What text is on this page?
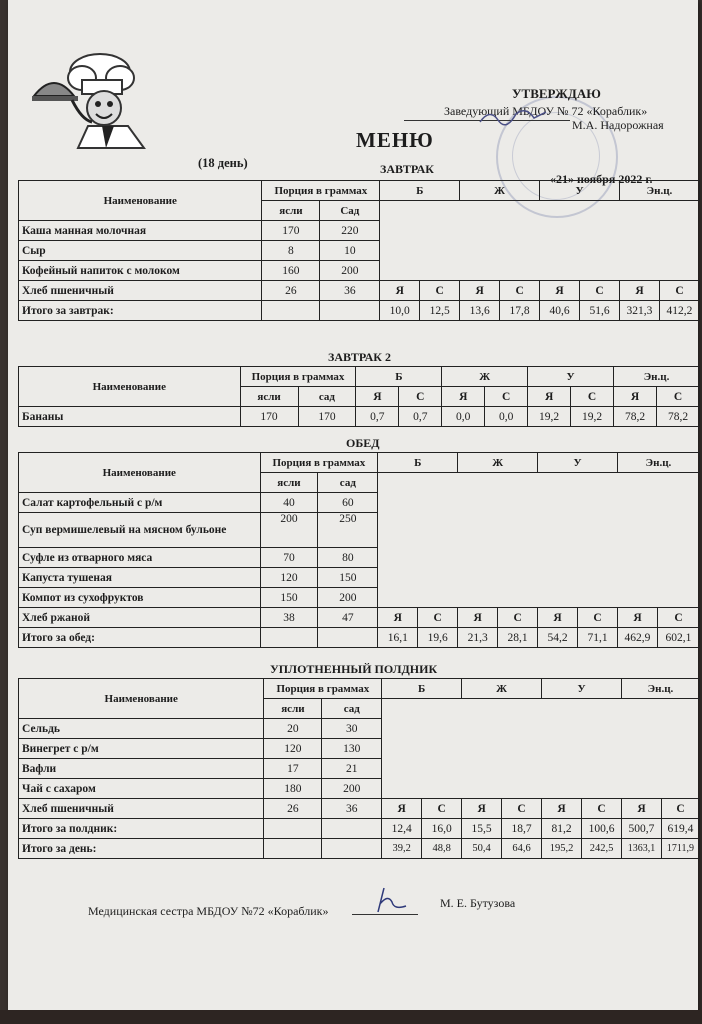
УТВЕРЖДАЮ
Заведующий МБДОУ № 72 «Кораблик»
М.А. Надорожная
МЕНЮ
(18 день)	ЗАВТРАК
«21» ноября 2022 г.
Наименование	Порция в граммах		Б		Ж		У		Эн.ц.	
	ясли	Сад								
Каша манная молочная	170	220								
Сыр	8	10								
Кофейный напиток с молоком	160	200								
Хлеб пшеничный	26	36	Я	С	Я	С	Я	С	Я	С
Итого за завтрак:			10,0	12,5	13,6	17,8	40,6	51,6	321,3	412,2
ЗАВТРАК 2
Наименование	Порция в граммах		Б		Ж		У		Эн.ц.	
	ясли	сад	Я	С	Я	С	Я	С	Я	С
Бананы	170	170	0,7	0,7	0,0	0,0	19,2	19,2	78,2	78,2
ОБЕД
Наименование	Порция в граммах		Б		Ж		У		Эн.ц.	
	ясли	сад								
Салат картофельный с р/м	40	60								
Суп вермишелевый на мясном бульоне	200	250								
Суфле из отварного мяса	70	80								
Капуста тушеная	120	150								
Компот из сухофруктов	150	200								
Хлеб ржаной	38	47	Я	С	Я	С	Я	С	Я	С
Итого за обед:			16,1	19,6	21,3	28,1	54,2	71,1	462,9	602,1
УПЛОТНЕННЫЙ ПОЛДНИК
Наименование	Порция в граммах		Б		Ж		У		Эн.ц.	
	ясли	сад								
Сельдь	20	30								
Винегрет с р/м	120	130								
Вафли	17	21								
Чай с сахаром	180	200								
Хлеб пшеничный	26	36	Я	С	Я	С	Я	С	Я	С
Итого за полдник:			12,4	16,0	15,5	18,7	81,2	100,6	500,7	619,4
Итого за день:			39,2	48,8	50,4	64,6	195,2	242,5	1363,1	1711,9
Медицинская сестра МБДОУ №72 «Кораблик»
М. Е. Бутузова
